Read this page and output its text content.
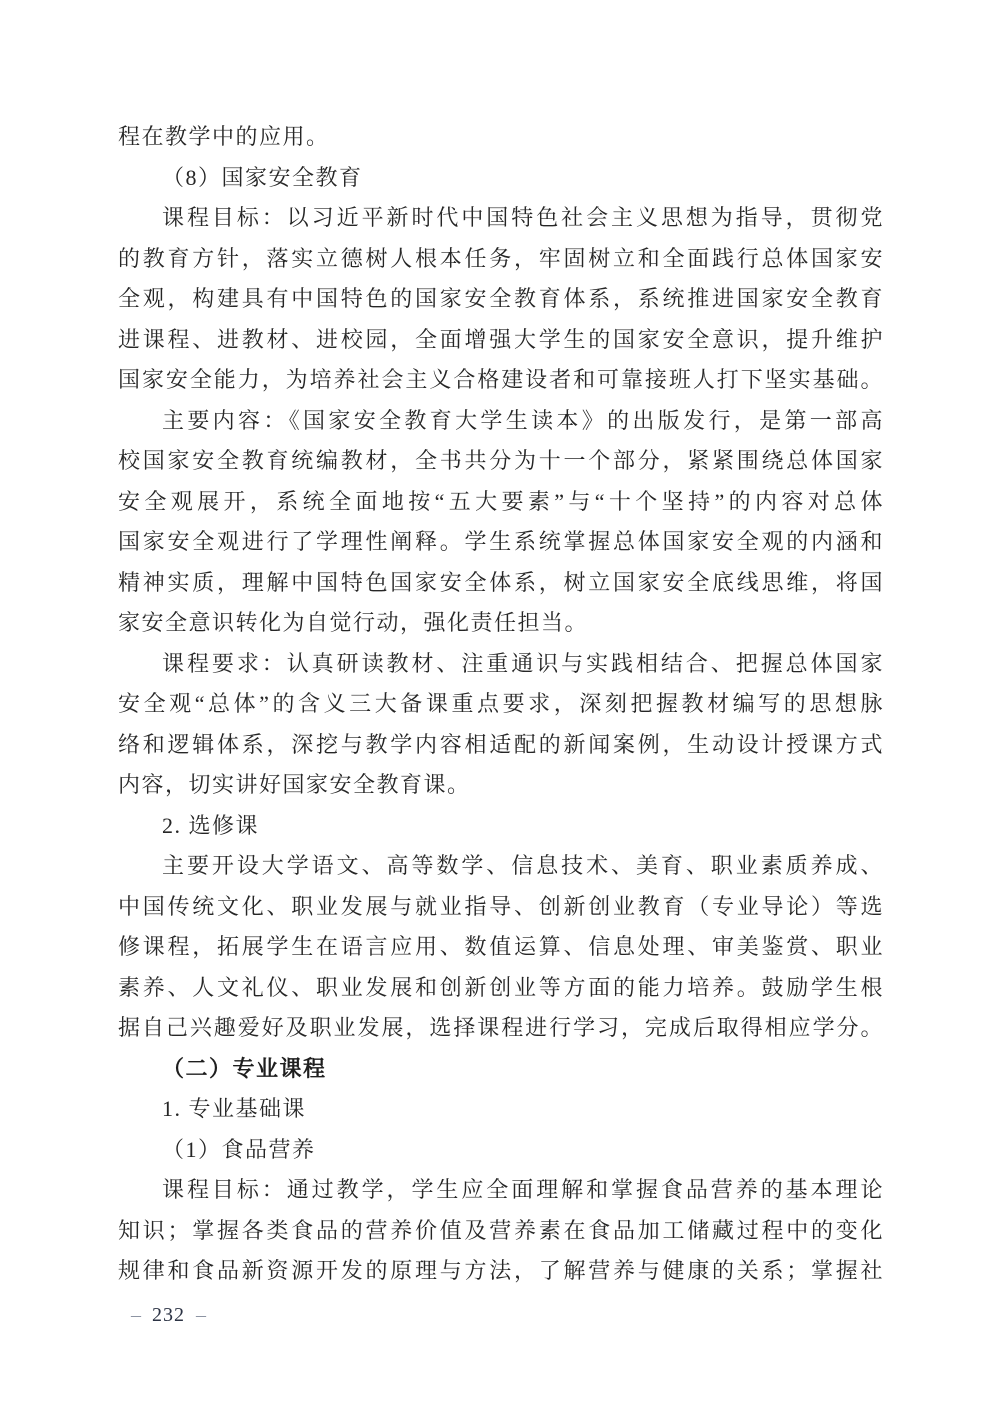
程在教学中的应用。
（8）国家安全教育
课程目标：以习近平新时代中国特色社会主义思想为指导，贯彻党
的教育方针，落实立德树人根本任务，牢固树立和全面践行总体国家安
全观，构建具有中国特色的国家安全教育体系，系统推进国家安全教育
进课程、进教材、进校园，全面增强大学生的国家安全意识，提升维护
国家安全能力，为培养社会主义合格建设者和可靠接班人打下坚实基础。
主要内容：《国家安全教育大学生读本》的出版发行，是第一部高
校国家安全教育统编教材，全书共分为十一个部分，紧紧围绕总体国家
安全观展开，系统全面地按“五大要素”与“十个坚持”的内容对总体
国家安全观进行了学理性阐释。学生系统掌握总体国家安全观的内涵和
精神实质，理解中国特色国家安全体系，树立国家安全底线思维，将国
家安全意识转化为自觉行动，强化责任担当。
课程要求：认真研读教材、注重通识与实践相结合、把握总体国家
安全观“总体”的含义三大备课重点要求，深刻把握教材编写的思想脉
络和逻辑体系，深挖与教学内容相适配的新闻案例，生动设计授课方式
内容，切实讲好国家安全教育课。
2. 选修课
主要开设大学语文、高等数学、信息技术、美育、职业素质养成、
中国传统文化、职业发展与就业指导、创新创业教育（专业导论）等选
修课程，拓展学生在语言应用、数值运算、信息处理、审美鉴赏、职业
素养、人文礼仪、职业发展和创新创业等方面的能力培养。鼓励学生根
据自己兴趣爱好及职业发展，选择课程进行学习，完成后取得相应学分。
（二）专业课程
1. 专业基础课
（1）食品营养
课程目标：通过教学，学生应全面理解和掌握食品营养的基本理论
知识；掌握各类食品的营养价值及营养素在食品加工储藏过程中的变化
规律和食品新资源开发的原理与方法，了解营养与健康的关系；掌握社
– 232 –
